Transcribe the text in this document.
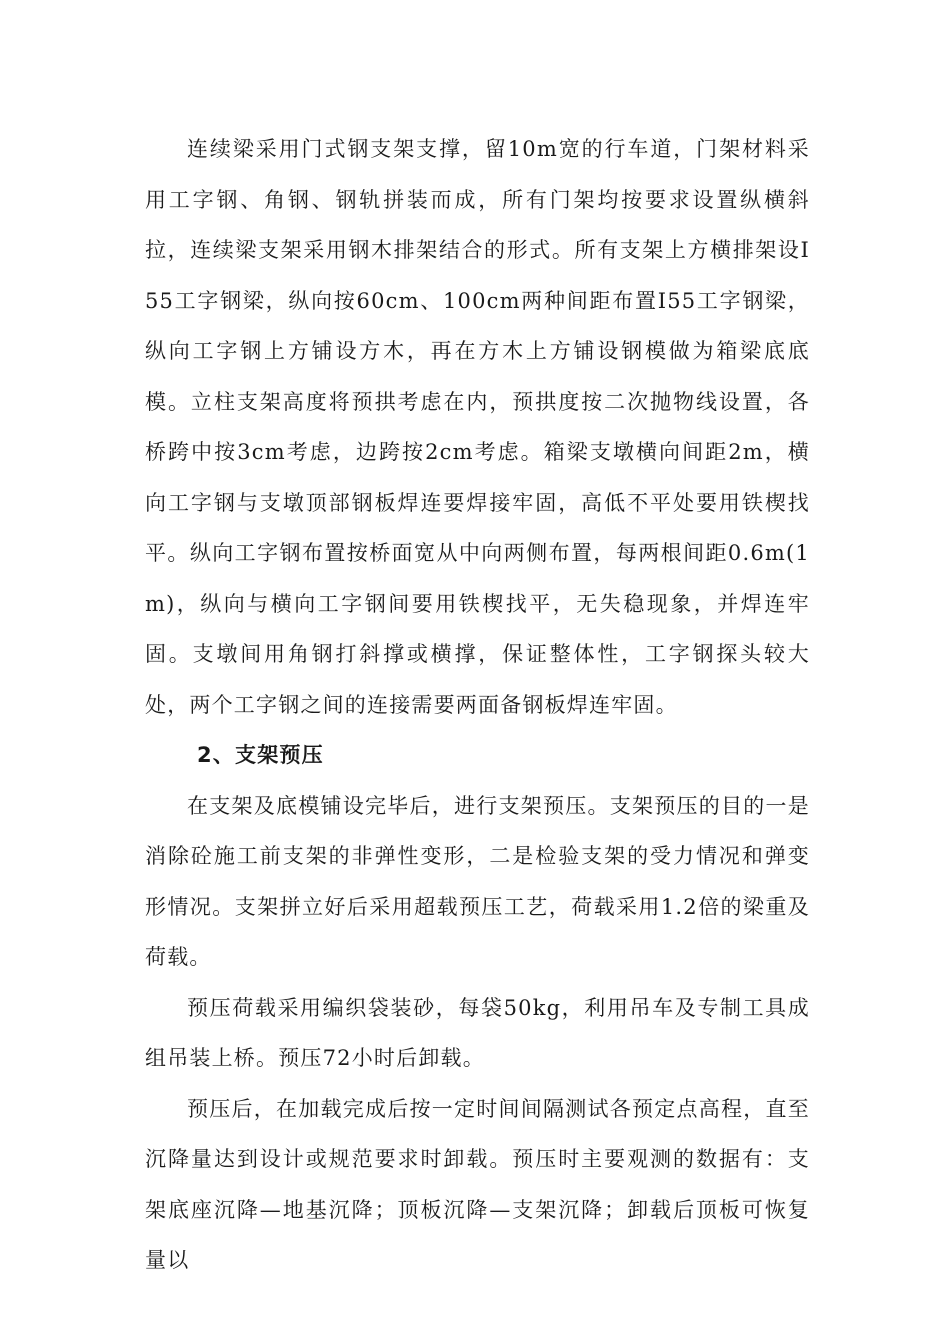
连续梁采用门式钢支架支撑，留10m宽的行车道，门架材料采用工字钢、角钢、钢轨拼装而成，所有门架均按要求设置纵横斜拉，连续梁支架采用钢木排架结合的形式。所有支架上方横排架设I55工字钢梁，纵向按60cm、100cm两种间距布置I55工字钢梁，纵向工字钢上方铺设方木，再在方木上方铺设钢模做为箱梁底底模。立柱支架高度将预拱考虑在内，预拱度按二次抛物线设置，各桥跨中按3cm考虑，边跨按2cm考虑。箱梁支墩横向间距2m，横向工字钢与支墩顶部钢板焊连要焊接牢固，高低不平处要用铁楔找平。纵向工字钢布置按桥面宽从中向两侧布置，每两根间距0.6m(1m)，纵向与横向工字钢间要用铁楔找平，无失稳现象，并焊连牢固。支墩间用角钢打斜撑或横撑，保证整体性，工字钢探头较大处，两个工字钢之间的连接需要两面备钢板焊连牢固。

2、支架预压

在支架及底模铺设完毕后，进行支架预压。支架预压的目的一是消除砼施工前支架的非弹性变形，二是检验支架的受力情况和弹变形情况。支架拼立好后采用超载预压工艺，荷载采用1.2倍的梁重及荷载。

预压荷载采用编织袋装砂，每袋50kg，利用吊车及专制工具成组吊装上桥。预压72小时后卸载。

预压后，在加载完成后按一定时间间隔测试各预定点高程，直至沉降量达到设计或规范要求时卸载。预压时主要观测的数据有：支架底座沉降—地基沉降；顶板沉降—支架沉降；卸载后顶板可恢复量以
